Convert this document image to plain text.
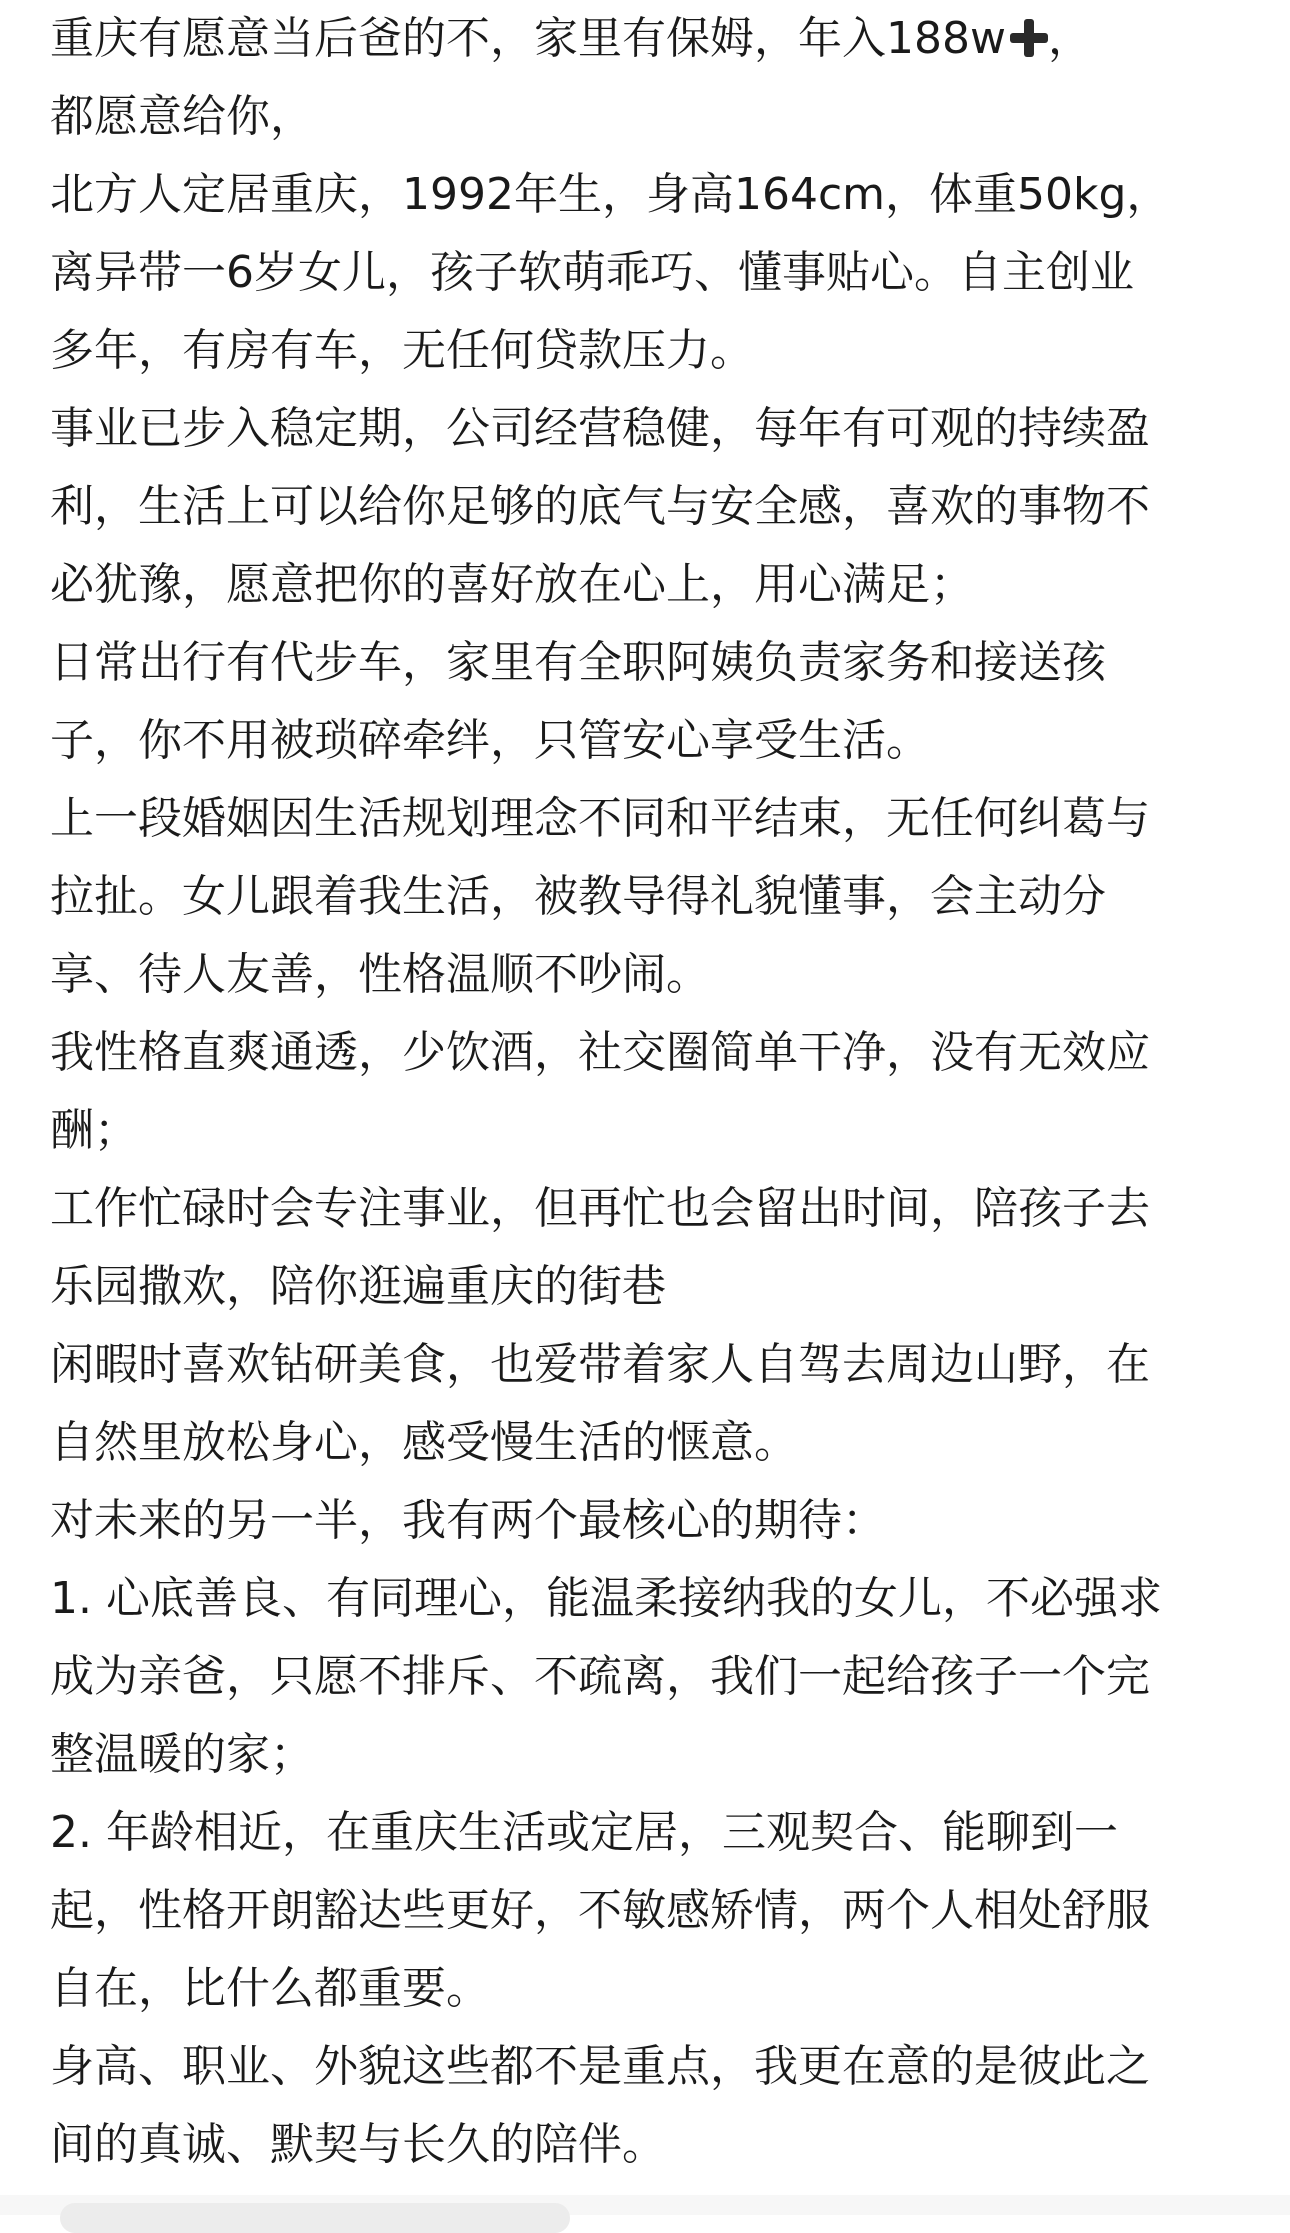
重庆有愿意当后爸的不，家里有保姆，年入188w ，
都愿意给你，
北方人定居重庆，1992年生，身高164cm，体重50kg，
离异带一6岁女儿，孩子软萌乖巧、懂事贴心。自主创业
多年，有房有车，无任何贷款压力。
事业已步入稳定期，公司经营稳健，每年有可观的持续盈
利，生活上可以给你足够的底气与安全感，喜欢的事物不
必犹豫，愿意把你的喜好放在心上，用心满足；
日常出行有代步车，家里有全职阿姨负责家务和接送孩
子，你不用被琐碎牵绊，只管安心享受生活。
上一段婚姻因生活规划理念不同和平结束，无任何纠葛与
拉扯。女儿跟着我生活，被教导得礼貌懂事，会主动分
享、待人友善，性格温顺不吵闹。
我性格直爽通透，少饮酒，社交圈简单干净，没有无效应
酬；
工作忙碌时会专注事业，但再忙也会留出时间，陪孩子去
乐园撒欢，陪你逛遍重庆的街巷
闲暇时喜欢钻研美食，也爱带着家人自驾去周边山野，在
自然里放松身心，感受慢生活的惬意。
对未来的另一半，我有两个最核心的期待：
1. 心底善良、有同理心，能温柔接纳我的女儿，不必强求
成为亲爸，只愿不排斥、不疏离，我们一起给孩子一个完
整温暖的家；
2. 年龄相近，在重庆生活或定居，三观契合、能聊到一
起，性格开朗豁达些更好，不敏感矫情，两个人相处舒服
自在，比什么都重要。
身高、职业、外貌这些都不是重点，我更在意的是彼此之
间的真诚、默契与长久的陪伴。
